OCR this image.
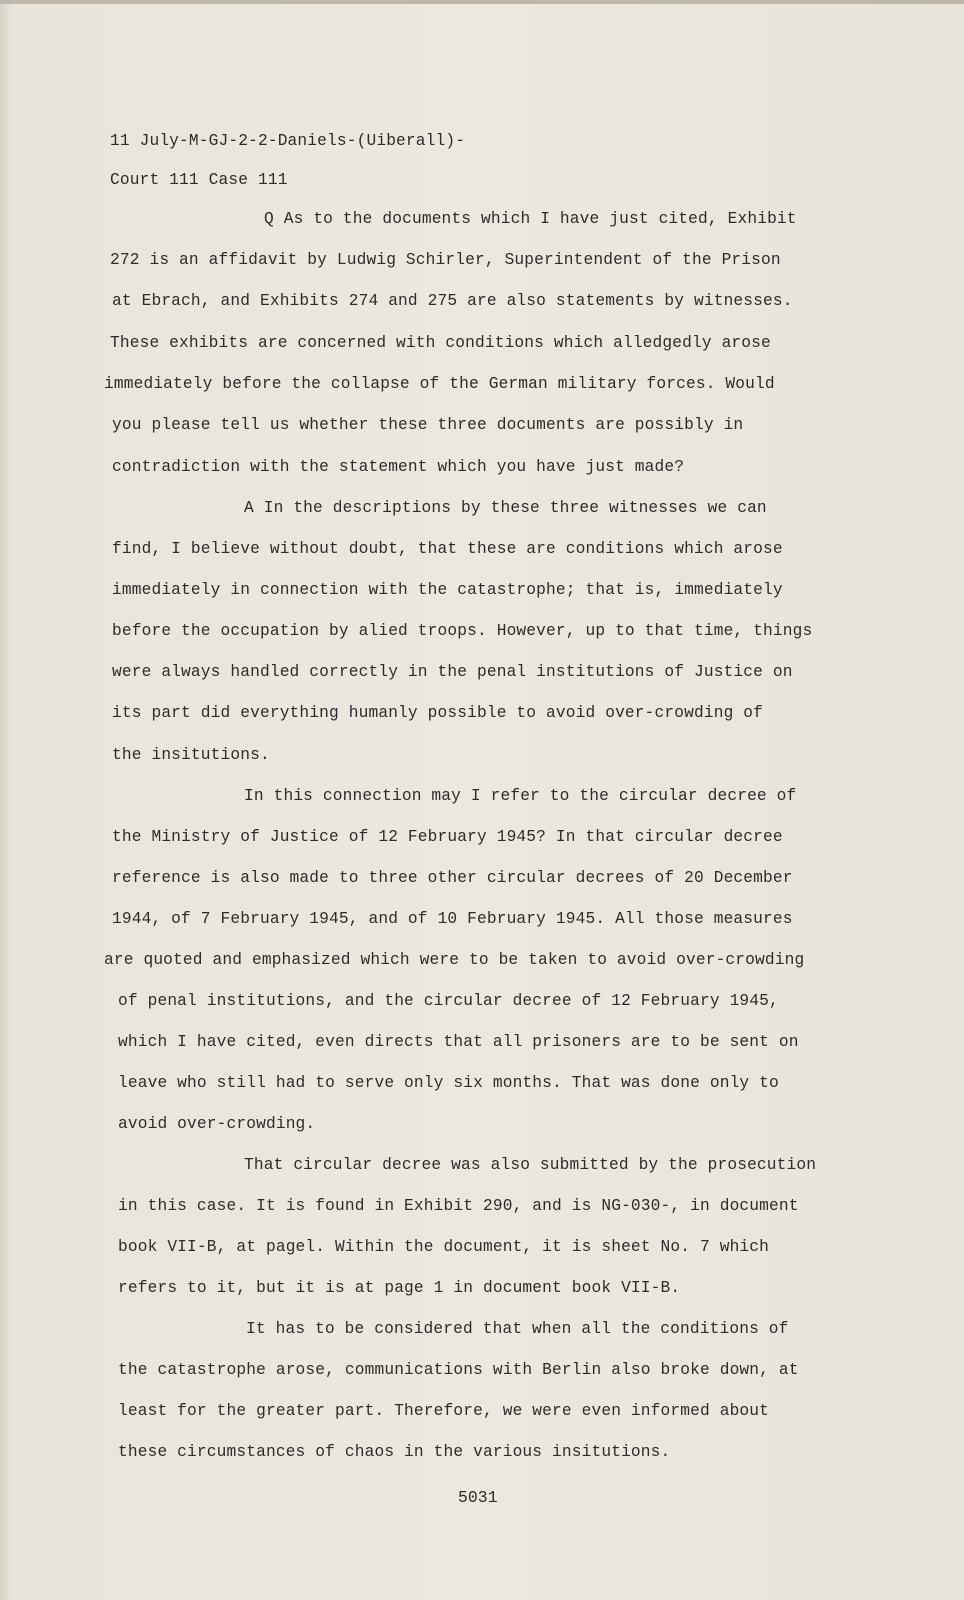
11 July-M-GJ-2-2-Daniels-(Uiberall)-
Court 111 Case 111
Q As to the documents which I have just cited, Exhibit
272 is an affidavit by Ludwig Schirler, Superintendent of the Prison
at Ebrach, and Exhibits 274 and 275 are also statements by witnesses.
These exhibits are concerned with conditions which alledgedly arose
immediately before the collapse of the German military forces. Would
you please tell us whether these three documents are possibly in
contradiction with the statement which you have just made?
A In the descriptions by these three witnesses we can
find, I believe without doubt, that these are conditions which arose
immediately in connection with the catastrophe; that is, immediately
before the occupation by alied troops. However, up to that time, things
were always handled correctly in the penal institutions of Justice on
its part did everything humanly possible to avoid over-crowding of
the insitutions.
In this connection may I refer to the circular decree of
the Ministry of Justice of 12 February 1945? In that circular decree
reference is also made to three other circular decrees of 20 December
1944, of 7 February 1945, and of 10 February 1945. All those measures
are quoted and emphasized which were to be taken to avoid over-crowding
of penal institutions, and the circular decree of 12 February 1945,
which I have cited, even directs that all prisoners are to be sent on
leave who still had to serve only six months. That was done only to
avoid over-crowding.
That circular decree was also submitted by the prosecution
in this case. It is found in Exhibit 290, and is NG-030-, in document
book VII-B, at pagel. Within the document, it is sheet No. 7 which
refers to it, but it is at page 1 in document book VII-B.
It has to be considered that when all the conditions of
the catastrophe arose, communications with Berlin also broke down, at
least for the greater part. Therefore, we were even informed about
these circumstances of chaos in the various insitutions.
5031
